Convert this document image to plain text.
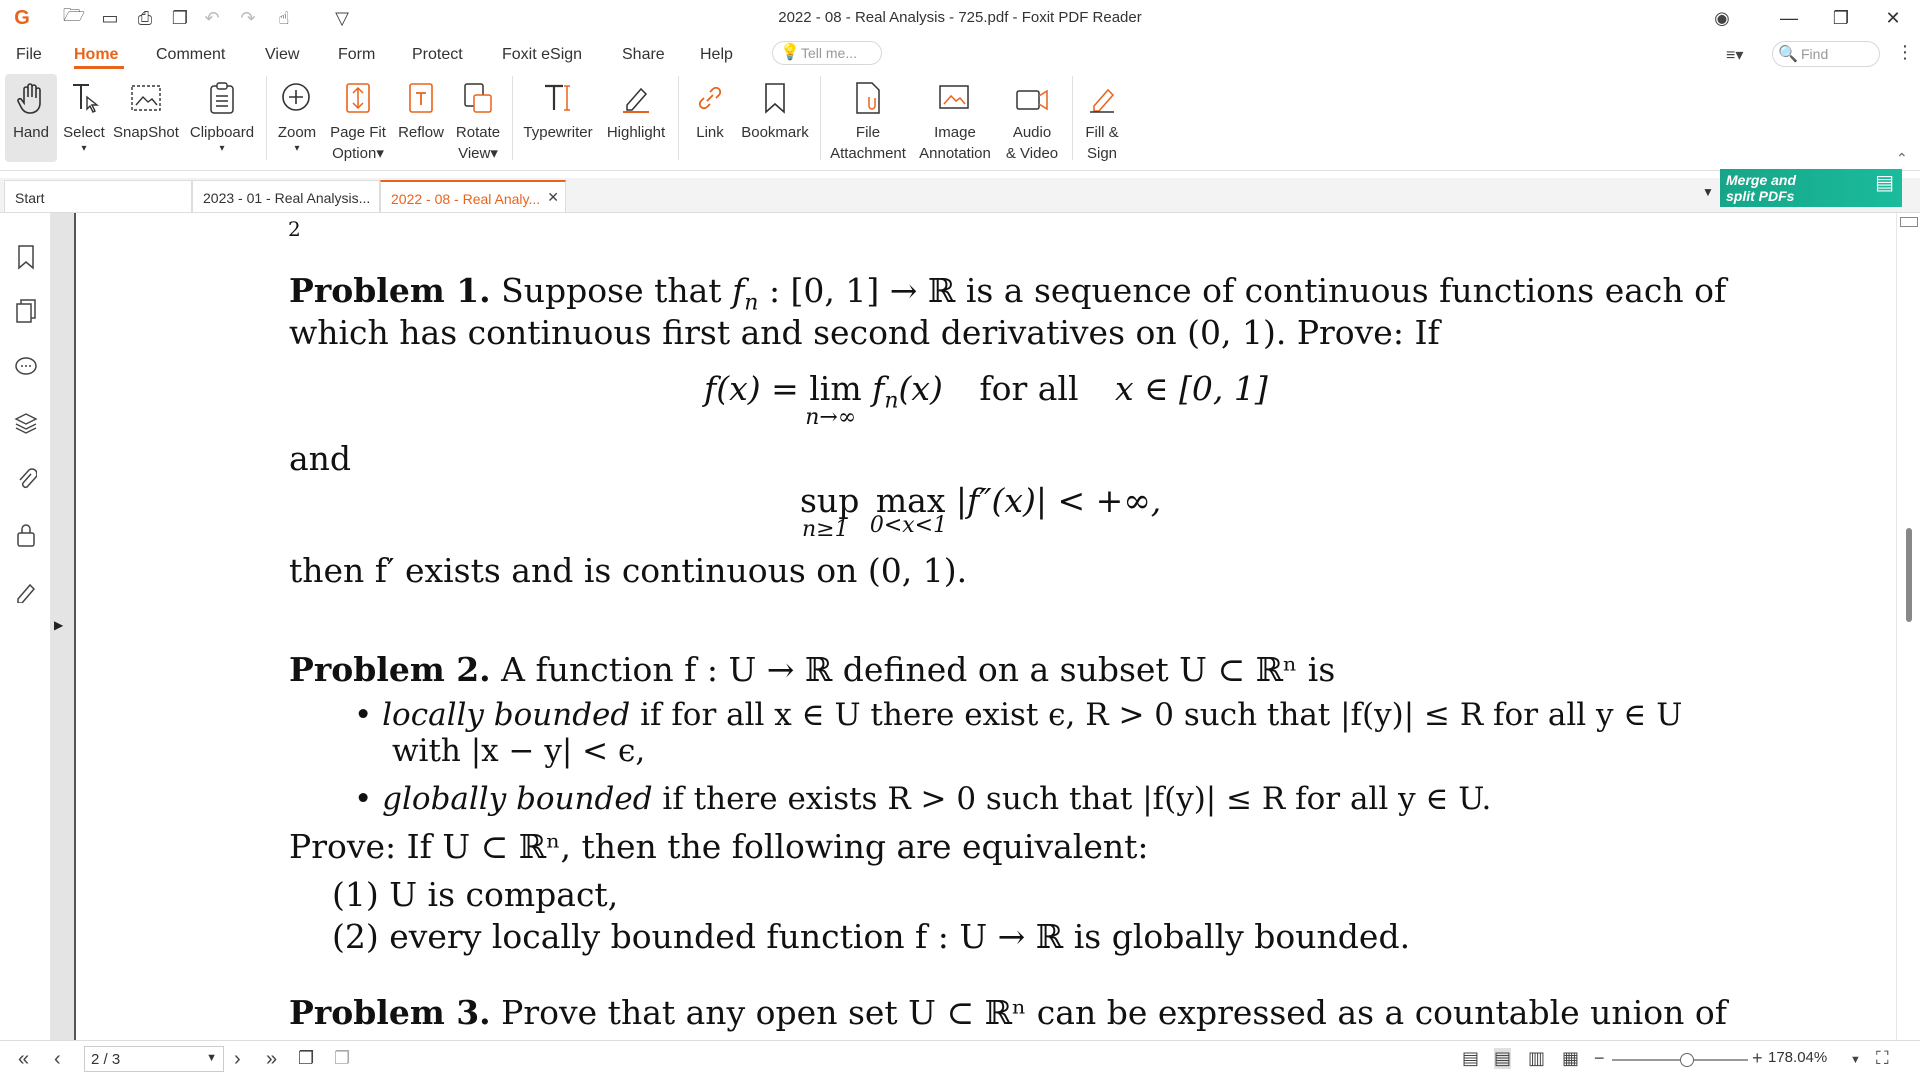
G 🗁 ▭ ⎙ ❐ ↶ ↷	☝	▽	2022 - 08 - Real Analysis - 725.pdf - Foxit PDF Reader	◉	—	❐	✕
File Home Comment View Form Protect Foxit eSign Share Help	Tell me...
💡	≡▾	Find
🔍	⋮
Hand Select
▾
SnapShot Clipboard
▾
Zoom
▾
Page Fit
Option▾
Reflow Rotate
View▾
Typewriter Highlight	Link	Bookmark	File
Attachment
Image
Annotation
Audio
& Video
Fill &
Sign	⌃
Start	2023 - 01 - Real Analysis...	2022 - 08 - Real Analy... ✕	▼
Merge and
split PDFs
▤
▶
2
Problem 1. Suppose that $f_n$ : [0, 1] → ℝ is a sequence of continuous functions each of
which has continuous first and second derivatives on (0, 1). Prove: If
f(x) = lim
n→∞
$f_n(x)$ for all x ∈ [0, 1]
and
sup
n≥1
max
0<x<1
|f″(x)| < +∞,
then f′ exists and is continuous on (0, 1).
Problem 2. A function f : U → ℝ defined on a subset U ⊂ ℝⁿ is
• locally bounded if for all x ∈ U there exist ϵ, R > 0 such that |f(y)| ≤ R for all y ∈ U
with |x − y| < ϵ,
• globally bounded if there exists R > 0 such that |f(y)| ≤ R for all y ∈ U.
Prove: If U ⊂ ℝⁿ, then the following are equivalent:
(1) U is compact,
(2) every locally bounded function f : U → ℝ is globally bounded.
Problem 3. Prove that any open set U ⊂ ℝⁿ can be expressed as a countable union of
« ‹	2 / 3	▼ › » ❐ ❐	▤ ▤ ▥ ▦ −	+ 178.04% ▼ ⛶
